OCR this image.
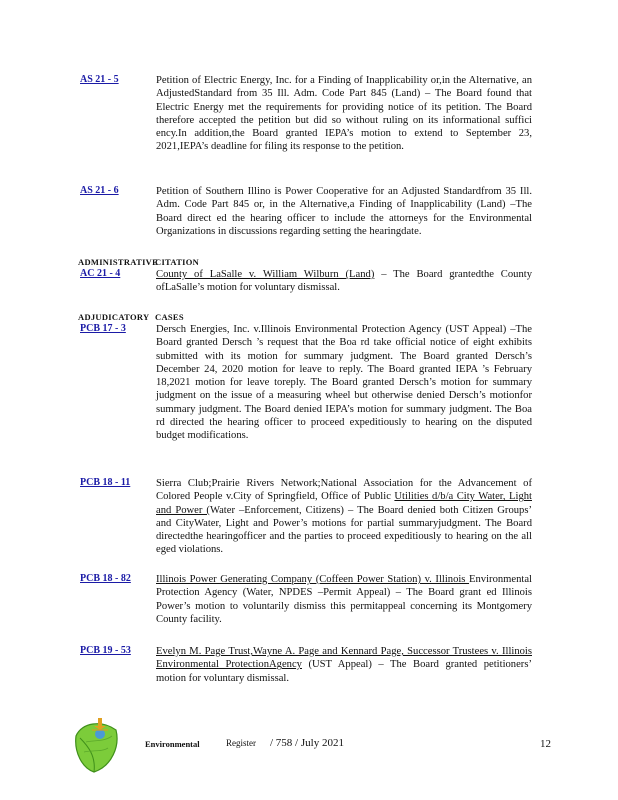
AS 21 - 5	Petition of Electric Energy, Inc. for a Finding of Inapplicability or,in the Alternative, an AdjustedStandard from 35 Ill. Adm. Code Part 845 (Land) – The Board found that Electric Energy met the requirements for providing notice of its petition. The Board therefore accepted the petition but did so without ruling on its informational suffici ency.In addition,the Board granted IEPA’s motion to extend to September 23, 2021,IEPA’s deadline for filing its response to the petition.
AS 21 - 6	Petition of Southern Illino is Power Cooperative for an Adjusted Standardfrom 35 Ill. Adm. Code Part 845 or, in the Alternative,a Finding of Inapplicability (Land) –The Board direct ed the hearing officer to include the attorneys for the Environmental Organizations in discussions regarding setting the hearingdate.
ADMINISTRATIVE
CITATION
AC 21 - 4	County of LaSalle v. William Wilburn (Land) – The Board grantedthe County ofLaSalle’s motion for voluntary dismissal.
ADJUDICATORY CASES
PCB 17 - 3	Dersch Energies, Inc. v.Illinois Environmental Protection Agency (UST Appeal) –The Board granted Dersch ’s request that the Boa rd take official notice of eight exhibits submitted with its motion for summary judgment. The Board granted Dersch’s December 24, 2020 motion for leave to reply. The Board granted IEPA ’s February 18,2021 motion for leave toreply. The Board granted Dersch’s motion for summary judgment on the issue of a measuring wheel but otherwise denied Dersch’s motionfor summary judgment. The Board denied IEPA’s motion for summary judgment. The Boa rd directed the hearing officer to proceed expeditiously to hearing on the disputed budget modifications.
PCB 18 - 11 Sierra Club;Prairie Rivers Network;National Association for the Advancement of Colored People v.City of Springfield, Office of Public Utilities d/b/a City Water, Light and Power (Water –Enforcement, Citizens) – The Board denied both Citizen Groups’ and CityWater, Light and Power’s motions for partial summaryjudgment. The Board directedthe hearingofficer and the parties to proceed expeditiously to hearing on the all eged violations.
PCB 18 - 82 Illinois Power Generating Company (Coffeen Power Station) v. Illinois Environmental Protection Agency (Water, NPDES –Permit Appeal) – The Board grant ed Illinois Power’s motion to voluntarily dismiss this permitappeal concerning its Montgomery County facility.
PCB 19 - 53 Evelyn M. Page Trust,Wayne A. Page and Kennard Page, Successor Trustees v. Illinois Environmental ProtectionAgency (UST Appeal) – The Board granted petitioners’ motion for voluntary dismissal.
Environmental	Register / 758 / July 2021	12
